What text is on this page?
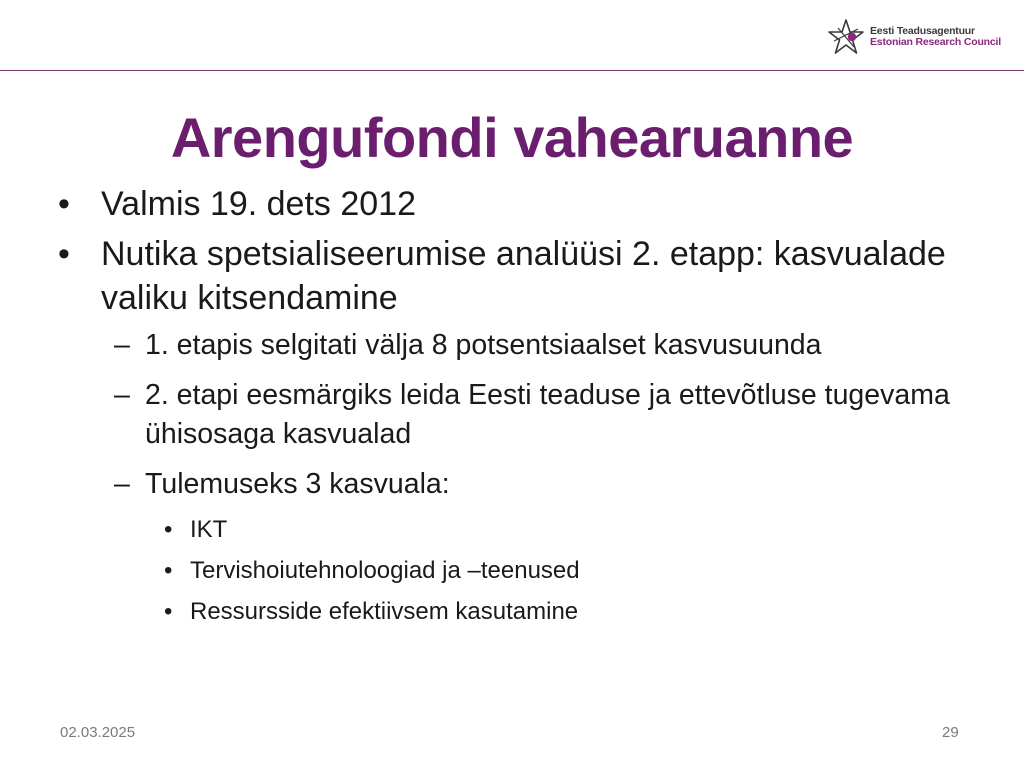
Eesti Teadusagentuur
Estonian Research Council
Arengufondi vahearuanne
• Valmis 19. dets 2012
• Nutika spetsialiseerumise analüüsi 2. etapp: kasvualade valiku kitsendamine
– 1. etapis selgitati välja 8 potsentsiaalset kasvusuunda
– 2. etapi eesmärgiks leida Eesti teaduse ja ettevõtluse tugevama ühisosaga kasvualad
– Tulemuseks 3 kasvuala:
• IKT
• Tervishoiutehnoloogiad ja –teenused
• Ressursside efektiivsem kasutamine
02.03.2025	29
